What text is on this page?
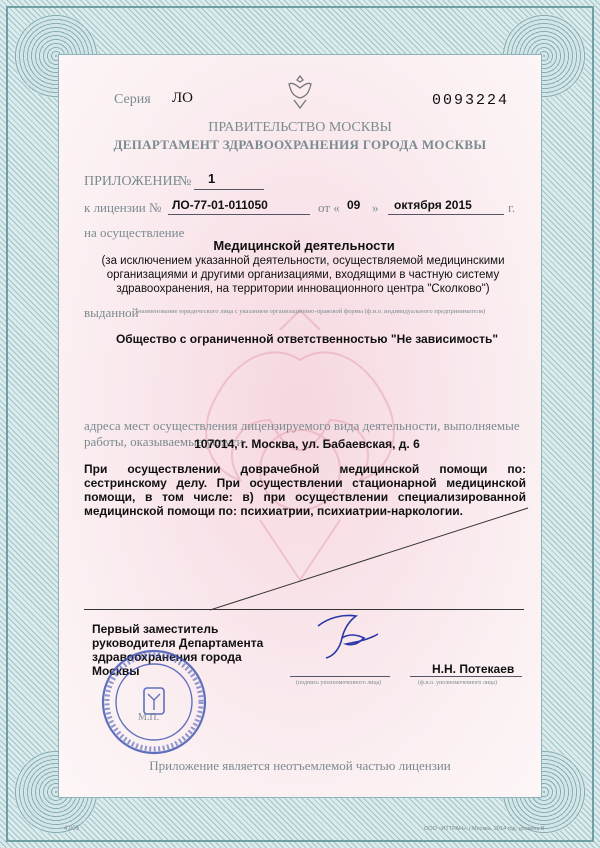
Серия ЛО	0093224
ПРАВИТЕЛЬСТВО МОСКВЫ
ДЕПАРТАМЕНТ ЗДРАВООХРАНЕНИЯ ГОРОДА МОСКВЫ
ПРИЛОЖЕНИЕ
№ 1
к лицензии № ЛО-77-01-011050	от « 09 » октября 2015	г.
на осуществление
Медицинской деятельности
(за исключением указанной деятельности, осуществляемой медицинскими организациями и другими организациями, входящими в частную систему здравоохранения, на территории инновационного центра "Сколково")
выданной
(наименование юридического лица с указанием организационно-правовой формы (ф.и.о. индивидуального предпринимателя)
Общество с ограниченной ответственностью "Не зависимость"
адреса мест осуществления лицензируемого вида деятельности, выполняемые работы, оказываемые услуги
107014, г. Москва, ул. Бабаевская, д. 6
При осуществлении доврачебной медицинской помощи по: сестринскому делу. При осуществлении стационарной медицинской помощи, в том числе: в) при осуществлении специализированной медицинской помощи по: психиатрии, психиатрии-наркологии.
Первый заместитель руководителя Департамента здравоохранения города Москвы	Н.Н. Потекаев
(подпись уполномоченного лица)	(ф.и.о. уполномоченного лица)
М.П.
Приложение является неотъемлемой частью лицензии
4.005	ООО «ИТТРАН», г.Москва, 2014 год, уровень В
